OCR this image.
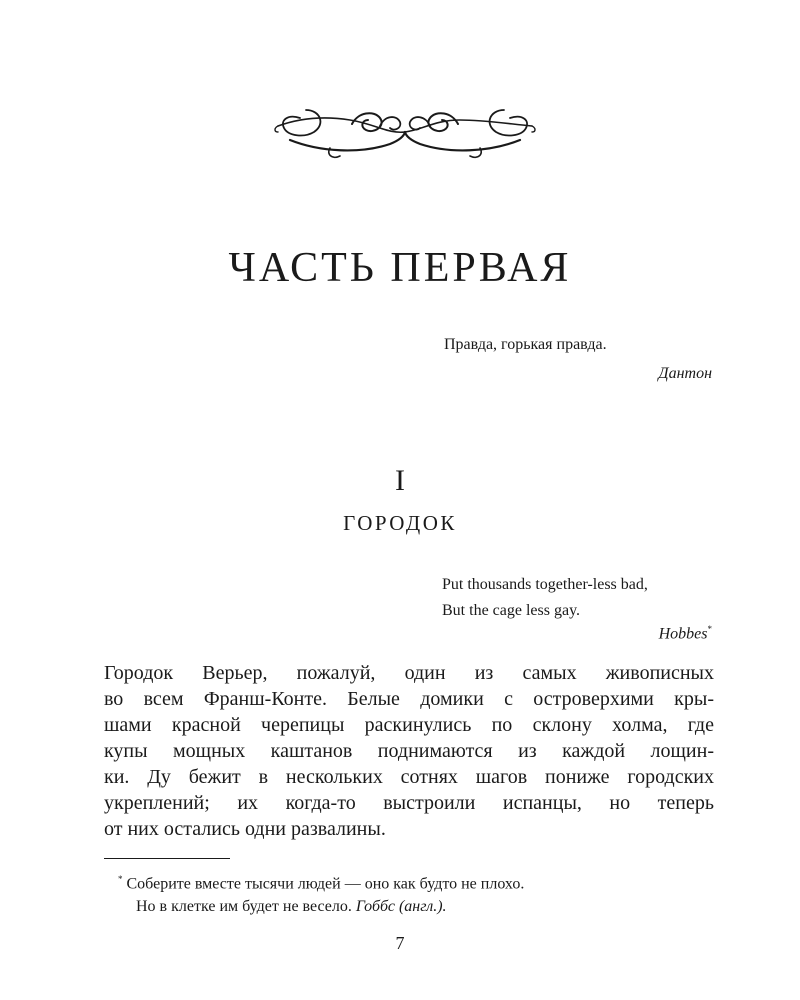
ЧАСТЬ ПЕРВАЯ
Правда, горькая правда.
Дантон
I
ГОРОДОК
Put thousands together-less bad,
But the cage less gay.
Hobbes*
Городок Верьер, пожалуй, один из самых живописных
во всем Франш-Конте. Белые домики с островерхими кры-
шами красной черепицы раскинулись по склону холма, где
купы мощных каштанов поднимаются из каждой лощин-
ки. Ду бежит в нескольких сотнях шагов пониже городских
укреплений; их когда-то выстроили испанцы, но теперь
от них остались одни развалины.
* Соберите вместе тысячи людей — оно как будто не плохо.
Но в клетке им будет не весело. Гоббс (англ.).
7
